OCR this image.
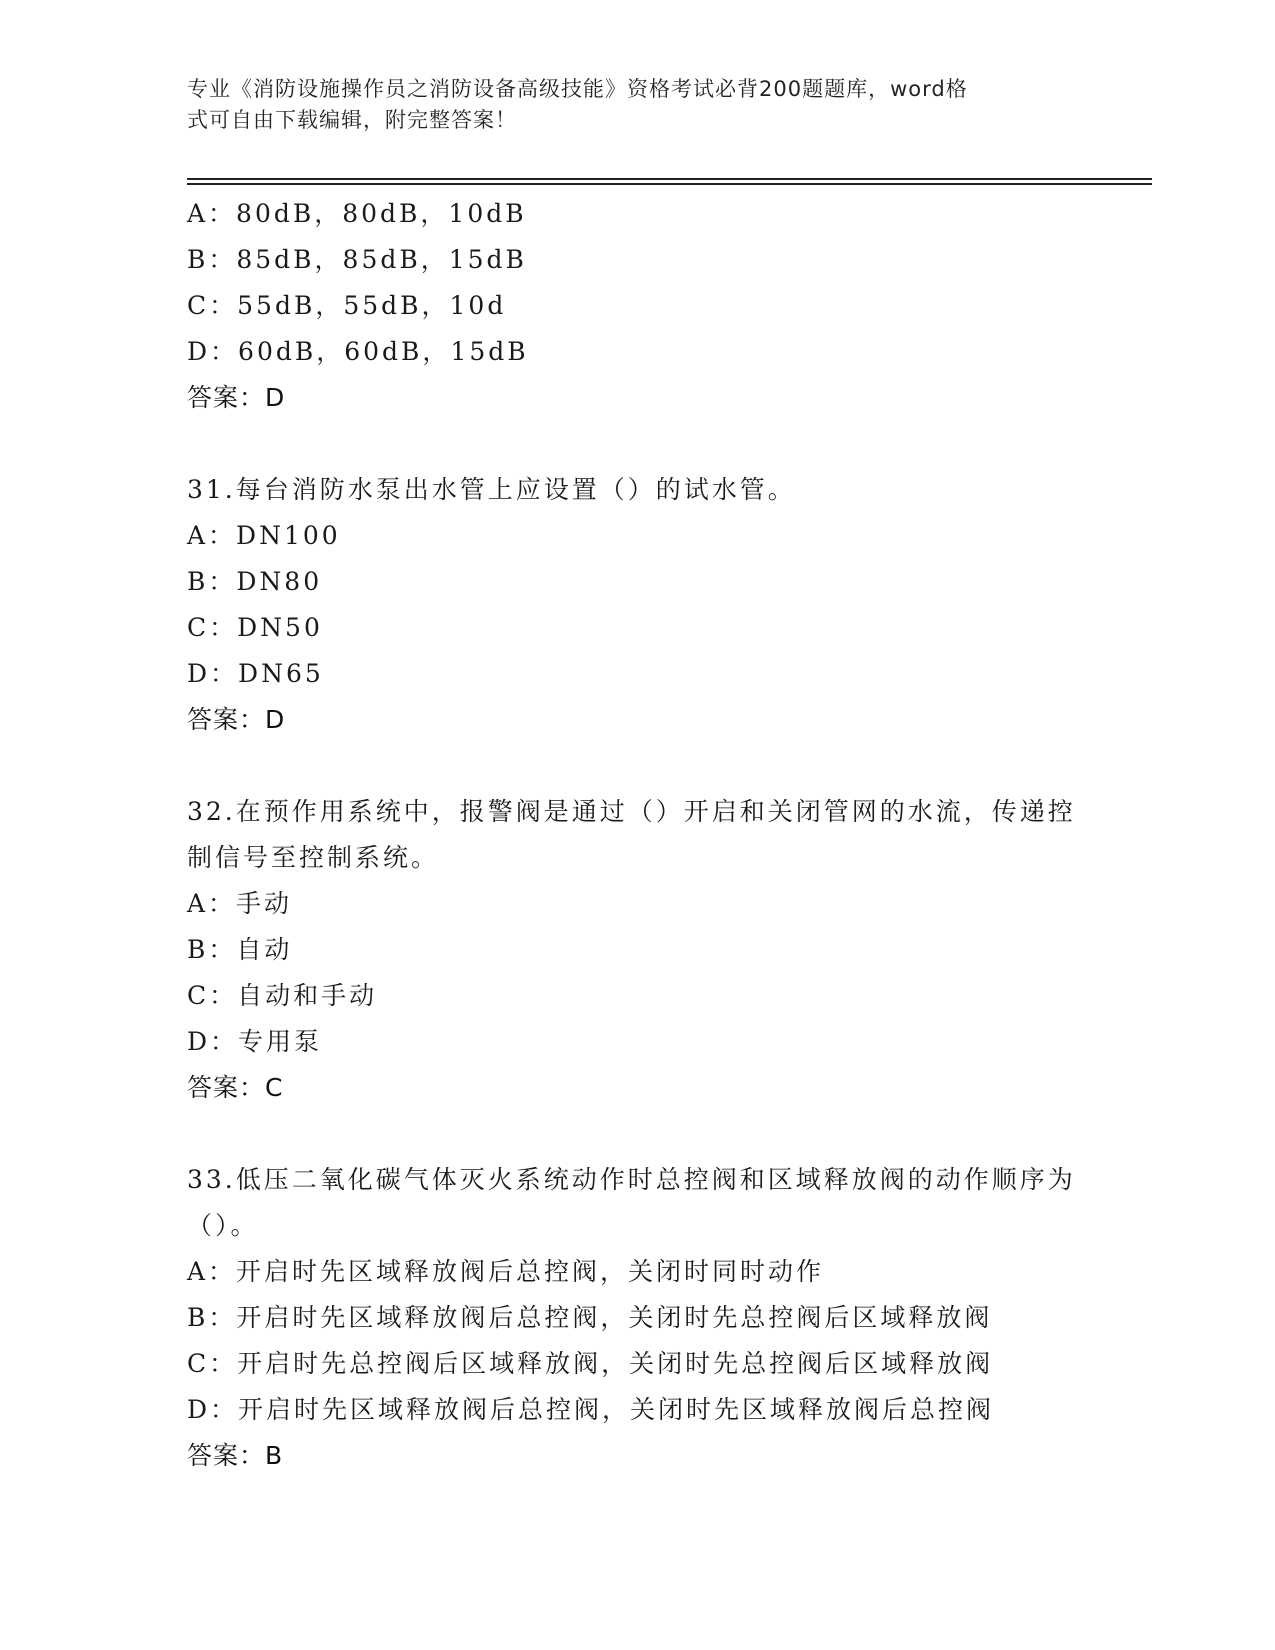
专业《消防设施操作员之消防设备高级技能》资格考试必背200题题库，word格
式可自由下载编辑，附完整答案！
A：80dB，80dB，10dB
B：85dB，85dB，15dB
C：55dB，55dB，10d
D：60dB，60dB，15dB
答案：D
31.每台消防水泵出水管上应设置（）的试水管。
A：DN100
B：DN80
C：DN50
D：DN65
答案：D
32.在预作用系统中，报警阀是通过（）开启和关闭管网的水流，传递控制信号至控制系统。
A：手动
B：自动
C：自动和手动
D：专用泵
答案：C
33.低压二氧化碳气体灭火系统动作时总控阀和区域释放阀的动作顺序为（）。
A：开启时先区域释放阀后总控阀，关闭时同时动作
B：开启时先区域释放阀后总控阀，关闭时先总控阀后区域释放阀
C：开启时先总控阀后区域释放阀，关闭时先总控阀后区域释放阀
D：开启时先区域释放阀后总控阀，关闭时先区域释放阀后总控阀
答案：B
